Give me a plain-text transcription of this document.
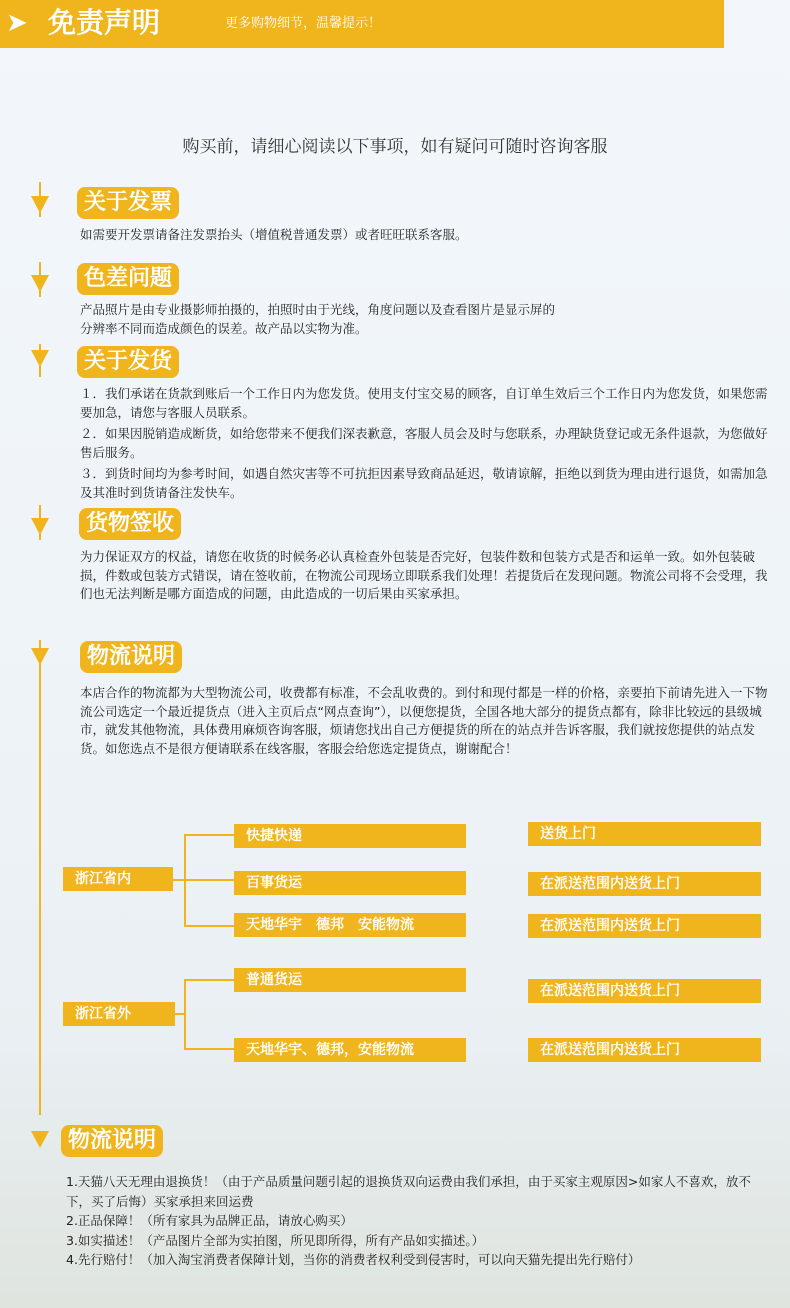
➤ 免责声明	更多购物细节，温馨提示！
购买前，请细心阅读以下事项，如有疑问可随时咨询客服
关于发票

如需要开发票请备注发票抬头（增值税普通发票）或者旺旺联系客服。

色差问题

产品照片是由专业摄影师拍摄的，拍照时由于光线，角度问题以及查看图片是显示屏的

分辨率不同而造成颜色的误差。故产品以实物为准。

关于发货

１．我们承诺在货款到账后一个工作日内为您发货。使用支付宝交易的顾客，自订单生效后三个工作日内为您发货，如果您需要加急，请您与客服人员联系。

２．如果因脱销造成断货，如给您带来不便我们深表歉意，客服人员会及时与您联系，办理缺货登记或无条件退款，为您做好售后服务。

３．到货时间均为参考时间，如遇自然灾害等不可抗拒因素导致商品延迟，敬请谅解，拒绝以到货为理由进行退货，如需加急及其准时到货请备注发快车。

货物签收

为力保证双方的权益，请您在收货的时候务必认真检查外包装是否完好，包装件数和包装方式是否和运单一致。如外包装破损，件数或包装方式错误，请在签收前，在物流公司现场立即联系我们处理！若提货后在发现问题。物流公司将不会受理，我们也无法判断是哪方面造成的问题，由此造成的一切后果由买家承担。

物流说明

本店合作的物流都为大型物流公司，收费都有标准，不会乱收费的。到付和现付都是一样的价格，亲要拍下前请先进入一下物流公司选定一个最近提货点（进入主页后点“网点查询”），以便您提货，全国各地大部分的提货点都有，除非比较远的县级城市，就发其他物流，具体费用麻烦咨询客服，烦请您找出自己方便提货的所在的站点并告诉客服，我们就按您提供的站点发货。如您选点不是很方便请联系在线客服，客服会给您选定提货点，谢谢配合！

浙江省内
快捷快递
百事货运
天地华宇　德邦　安能物流
送货上门
在派送范围内送货上门
在派送范围内送货上门
浙江省外
普通货运
天地华宇、德邦，安能物流
在派送范围内送货上门
在派送范围内送货上门
物流说明

1.天猫八天无理由退换货！（由于产品质量问题引起的退换货双向运费由我们承担，由于买家主观原因>如家人不喜欢，放不下，买了后悔）买家承担来回运费

2.正品保障！（所有家具为品牌正品，请放心购买）

3.如实描述！（产品图片全部为实拍图，所见即所得，所有产品如实描述。）

4.先行赔付！（加入淘宝消费者保障计划，当你的消费者权利受到侵害时，可以向天猫先提出先行赔付）
